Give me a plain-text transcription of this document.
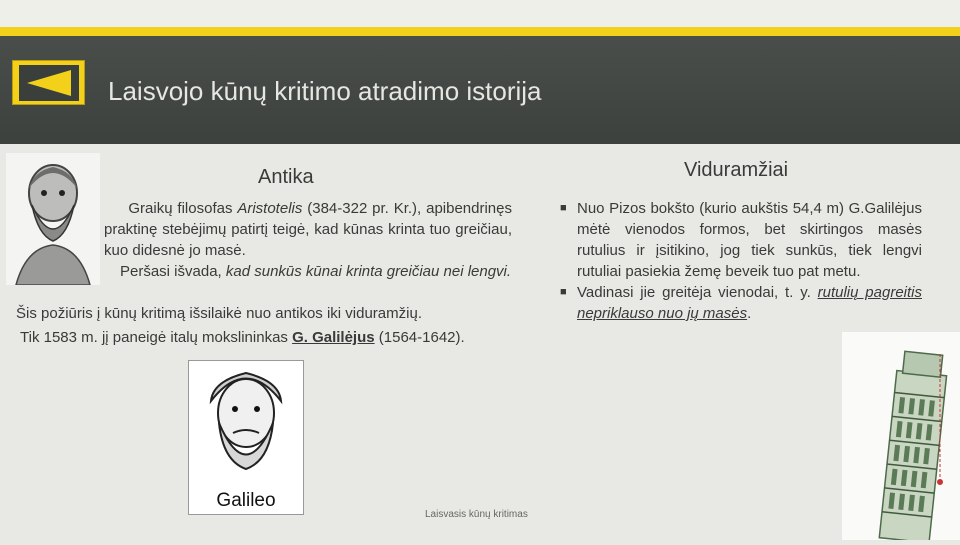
Laisvojo kūnų kritimo atradimo istorija
Antika	Viduramžiai
Graikų filosofas Aristotelis (384-322 pr. Kr.), apibendrinęs praktinę stebėjimų patirtį teigė, kad kūnas krinta tuo greičiau, kuo didesnė jo masė.
Peršasi išvada, kad sunkūs kūnai krinta greičiau nei lengvi.
Šis požiūris į kūnų kritimą išsilaikė nuo antikos iki viduramžių.
Tik 1583 m. jį paneigė italų mokslininkas G. Galilėjus (1564-1642).
Galileo
■ Nuo Pizos bokšto (kurio aukštis 54,4 m) G.Galilėjus mėtė vienodos formos, bet skirtingos masės rutulius ir įsitikino, jog tiek sunkūs, tiek lengvi rutuliai pasiekia žemę beveik tuo pat metu.
■ Vadinasi jie greitėja vienodai, t. y. rutulių pagreitis nepriklauso nuo jų masės.
Laisvasis kūnų kritimas
